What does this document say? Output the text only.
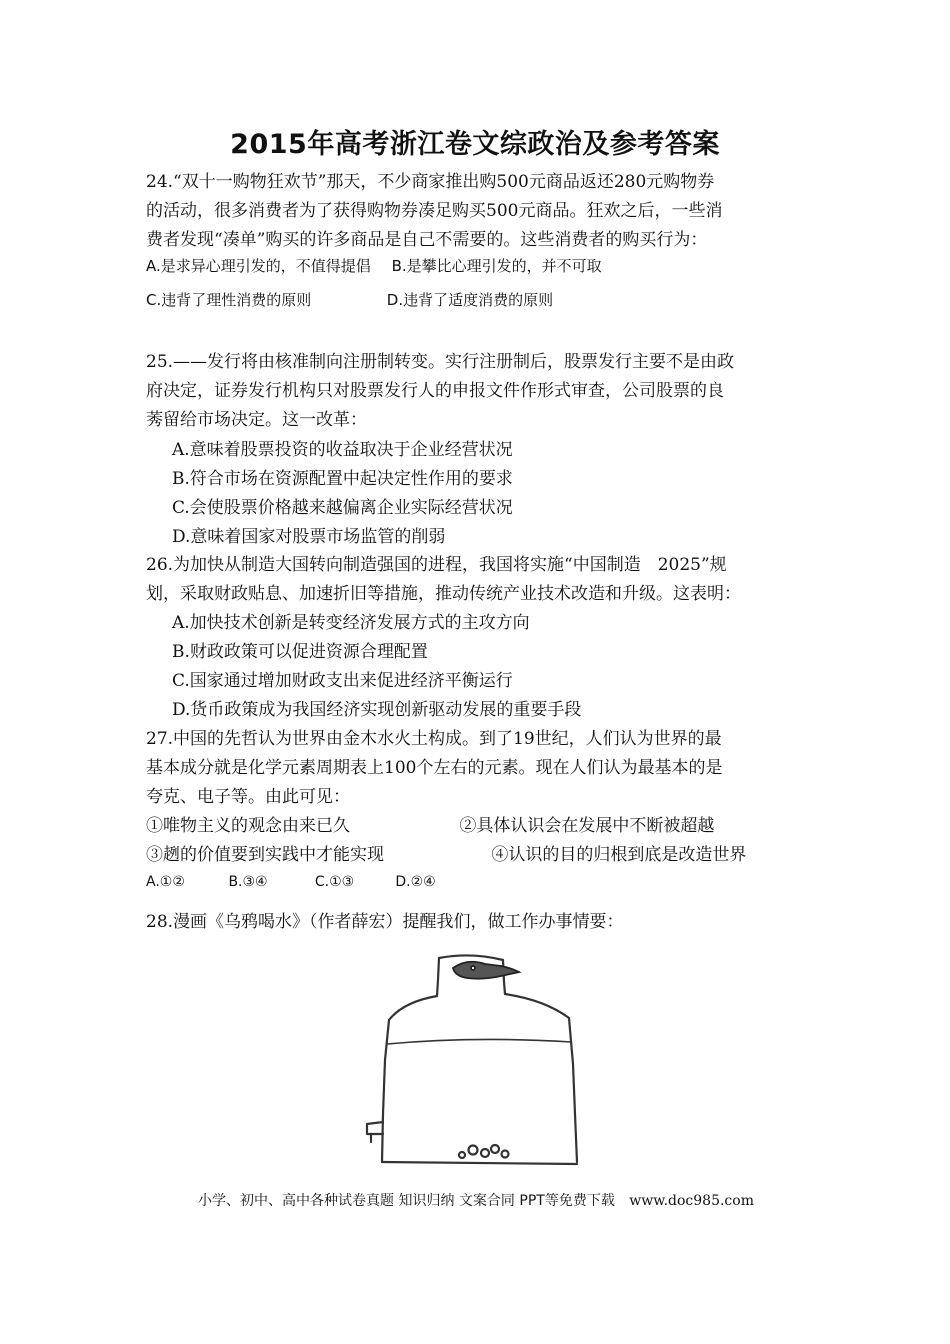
2015年高考浙江卷文综政治及参考答案
24.“双十一购物狂欢节”那天，不少商家推出购500元商品返还280元购物券
的活动，很多消费者为了获得购物券凑足购买500元商品。狂欢之后，一些消
费者发现“凑单”购买的许多商品是自己不需要的。这些消费者的购买行为：
A.是求异心理引发的，不值得提倡 B.是攀比心理引发的，并不可取
C.违背了理性消费的原则	D.违背了适度消费的原则
25.——发行将由核准制向注册制转变。实行注册制后，股票发行主要不是由政
府决定，证券发行机构只对股票发行人的申报文件作形式审查，公司股票的良
莠留给市场决定。这一改革：
A.意味着股票投资的收益取决于企业经营状况
B.符合市场在资源配置中起决定性作用的要求
C.会使股票价格越来越偏离企业实际经营状况
D.意味着国家对股票市场监管的削弱
26.为加快从制造大国转向制造强国的进程，我国将实施“中国制造　2025”规
划，采取财政贴息、加速折旧等措施，推动传统产业技术改造和升级。这表明：
A.加快技术创新是转变经济发展方式的主攻方向
B.财政政策可以促进资源合理配置
C.国家通过增加财政支出来促进经济平衡运行
D.货币政策成为我国经济实现创新驱动发展的重要手段
27.中国的先哲认为世界由金木水火土构成。到了19世纪，人们认为世界的最
基本成分就是化学元素周期表上100个左右的元素。现在人们认为最基本的是
夸克、电子等。由此可见：
①唯物主义的观念由来已久	②具体认识会在发展中不断被超越
③趔的价值要到实践中才能实现	④认识的目的归根到底是改造世界
A.①②	B.③④	C.①③	D.②④
28.漫画《乌鸦喝水》（作者薛宏）提醒我们，做工作办事情要：
小学、初中、高中各种试卷真题 知识归纳 文案合同 PPT等免费下载 www.doc985.com
